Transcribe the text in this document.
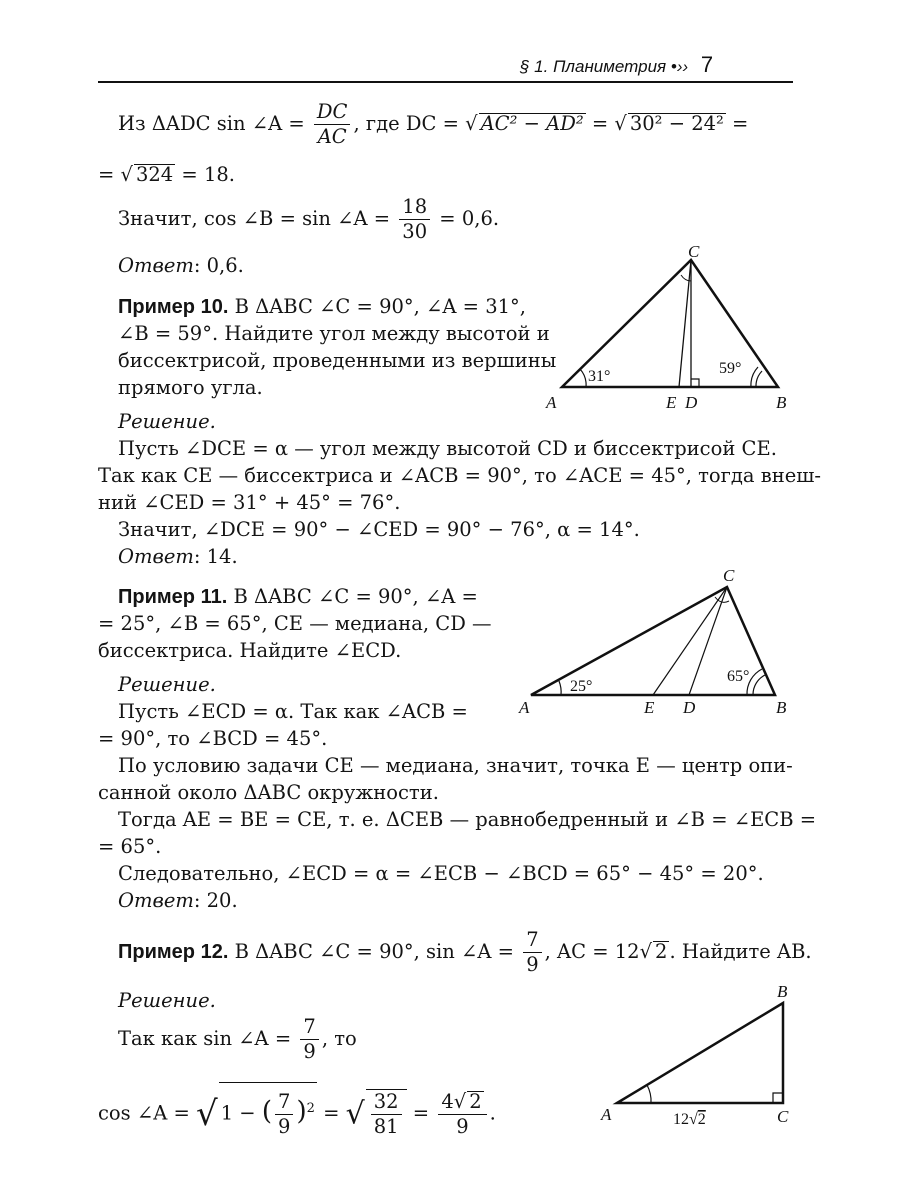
§ 1. Планиметрия •›› 7
Из ΔADC sin ∠A = $\frac{DC}{AC}$ , где DC = √ AC² − AD² = √ 30² − 24² =
= √ 324 = 18.
Значит, cos ∠B = sin ∠A = $\frac{18}{30} = 0,6$.
Ответ: 0,6.
Пример 10. В ΔABC ∠C = 90°, ∠A = 31°,
∠B = 59°. Найдите угол между высотой и
биссектрисой, проведенными из вершины
прямого угла.
Решение.
Пусть ∠DCE = α — угол между высотой CD и биссектрисой CE.
Так как CE — биссектриса и ∠ACB = 90°, то ∠ACE = 45°, тогда внеш-
ний ∠CED = 31° + 45° = 76°.
Значит, ∠DCE = 90° − ∠CED = 90° − 76°, α = 14°.
Ответ: 14.
C
A	B
E D
31°	59°
Пример 11. В ΔABC ∠C = 90°, ∠A =
= 25°, ∠B = 65°, CE — медиана, CD —
биссектриса. Найдите ∠ECD.
Решение.
Пусть ∠ECD = α. Так как ∠ACB =
= 90°, то ∠BCD = 45°.
По условию задачи CE — медиана, значит, точка E — центр опи-
санной около ΔABC окружности.
Тогда AE = BE = CE, т. е. ΔCEB — равнобедренный и ∠B = ∠ECB =
= 65°.
Следовательно, ∠ECD = α = ∠ECB − ∠BCD = 65° − 45° = 20°.
Ответ: 20.
C
A	B
E D
25°
65°
Пример 12. В ΔABC ∠C = 90°, sin ∠A = $\frac{7}{9}$ , AC = 12√ 2 . Найдите AB.
Решение.
Так как sin ∠A = $\frac{7}{9}$ , то
cos ∠A = √ 1 − ( $\frac{7}{9} )^2$ = √ $\frac{32}{81} = \frac{4√ 2}{9}$ .
B
A	C
12√2
